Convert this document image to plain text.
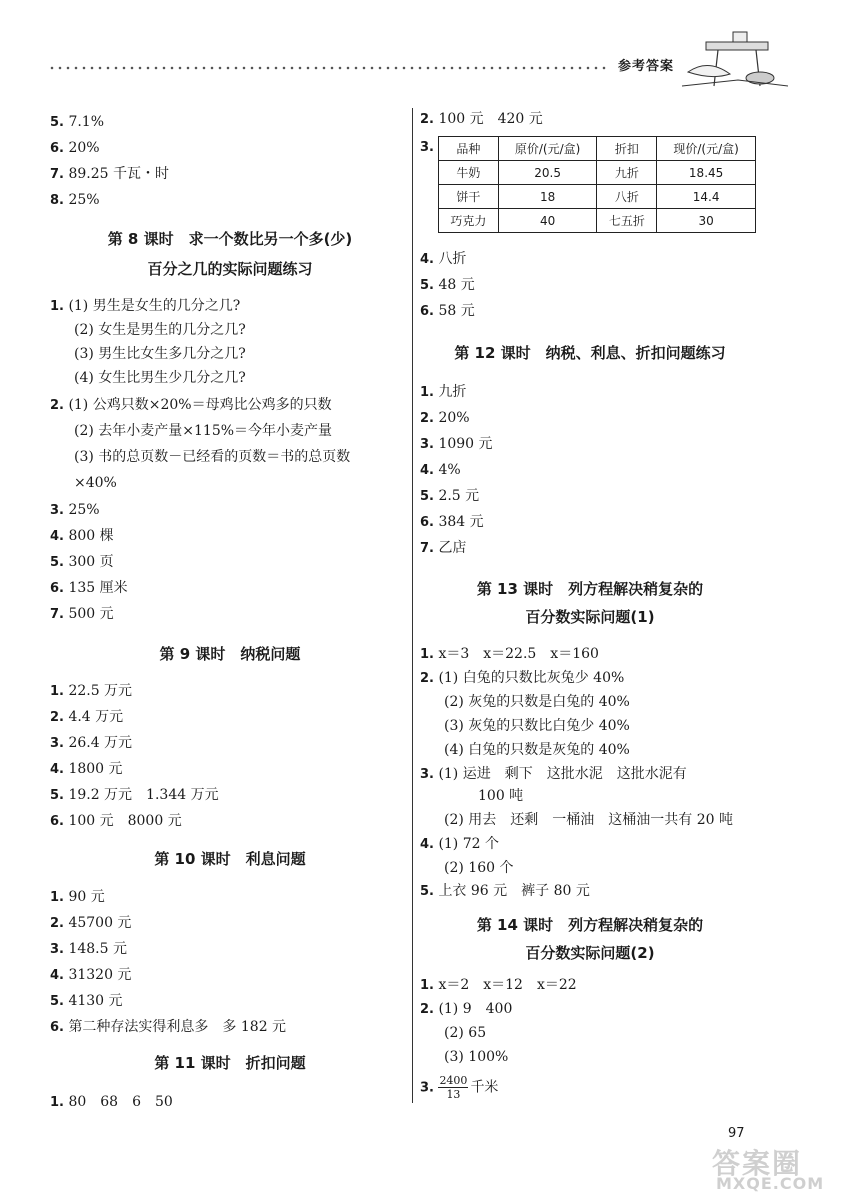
参考答案
5. 7.1%
6. 20%
7. 89.25 千瓦・时
8. 25%
第 8 课时　求一个数比另一个多(少)
百分之几的实际问题练习
1. (1) 男生是女生的几分之几?
(2) 女生是男生的几分之几?
(3) 男生比女生多几分之几?
(4) 女生比男生少几分之几?
2. (1) 公鸡只数×20%＝母鸡比公鸡多的只数
(2) 去年小麦产量×115%＝今年小麦产量
(3) 书的总页数－已经看的页数＝书的总页数
×40%
3. 25%
4. 800 棵
5. 300 页
6. 135 厘米
7. 500 元
第 9 课时　纳税问题
1. 22.5 万元
2. 4.4 万元
3. 26.4 万元
4. 1800 元
5. 19.2 万元　1.344 万元
6. 100 元　8000 元
第 10 课时　利息问题
1. 90 元
2. 45700 元
3. 148.5 元
4. 31320 元
5. 4130 元
6. 第二种存法实得利息多　多 182 元
第 11 课时　折扣问题
1. 80　68　6　50
2. 100 元　420 元
3. 品种	原价/(元/盒)	折扣	现价/(元/盒)
牛奶	20.5	九折	18.45
饼干	18	八折	14.4
巧克力	40	七五折	30
4. 八折
5. 48 元
6. 58 元
第 12 课时　纳税、利息、折扣问题练习
1. 九折
2. 20%
3. 1090 元
4. 4%
5. 2.5 元
6. 384 元
7. 乙店
第 13 课时　列方程解决稍复杂的
百分数实际问题(1)
1. x＝3　x＝22.5　x＝160
2. (1) 白兔的只数比灰兔少 40%
(2) 灰兔的只数是白兔的 40%
(3) 灰兔的只数比白兔少 40%
(4) 白兔的只数是灰兔的 40%
3. (1) 运进　剩下　这批水泥　这批水泥有
100 吨
(2) 用去　还剩　一桶油　这桶油一共有 20 吨
4. (1) 72 个
(2) 160 个
5. 上衣 96 元　裤子 80 元
第 14 课时　列方程解决稍复杂的
百分数实际问题(2)
1. x＝2　x＝12　x＝22
2. (1) 9　400
(2) 65
(3) 100%
3. $\frac{2400}{13}$ 千米
97
答案圈
MXQE.COM
